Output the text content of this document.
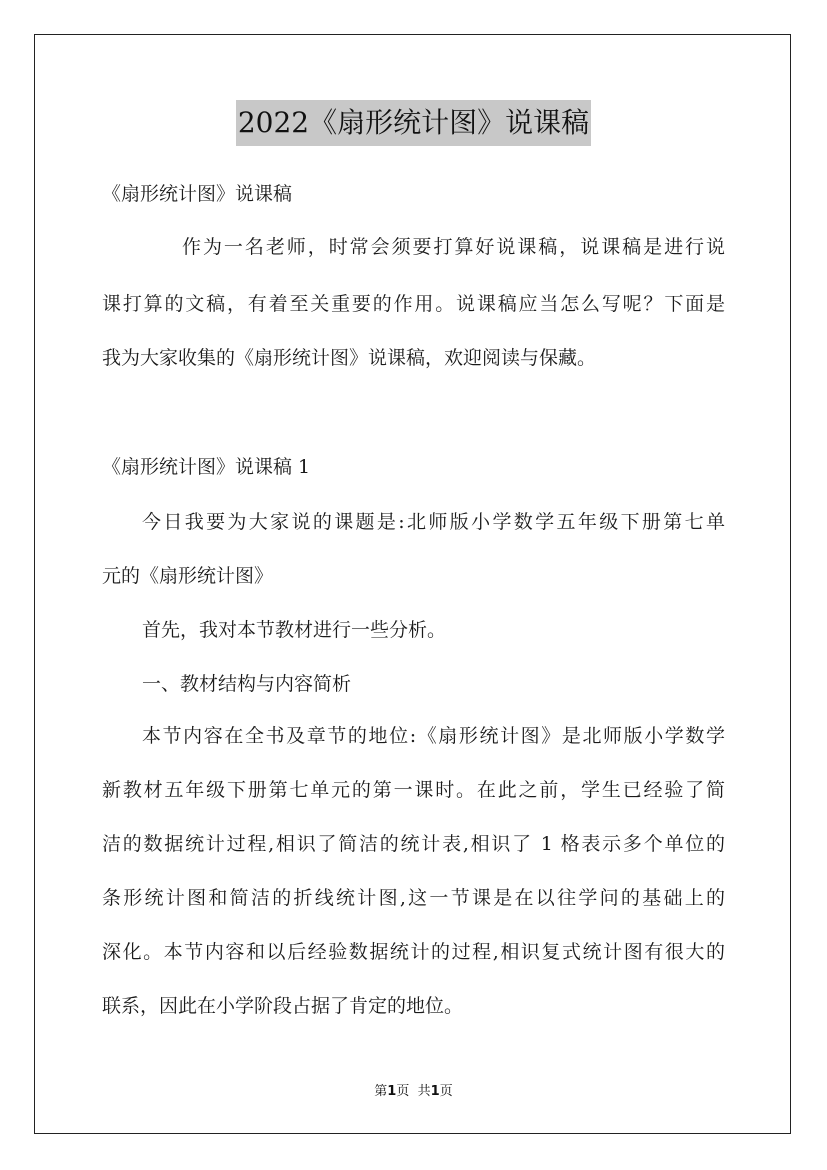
2022《扇形统计图》说课稿
《扇形统计图》说课稿
作为一名老师，时常会须要打算好说课稿，说课稿是进行说
课打算的文稿，有着至关重要的作用。说课稿应当怎么写呢？下面是
我为大家收集的《扇形统计图》说课稿，欢迎阅读与保藏。
《扇形统计图》说课稿 1
今日我要为大家说的课题是:北师版小学数学五年级下册第七单
元的《扇形统计图》
首先，我对本节教材进行一些分析。
一、教材结构与内容简析
本节内容在全书及章节的地位:《扇形统计图》是北师版小学数学
新教材五年级下册第七单元的第一课时。在此之前，学生已经验了简
洁的数据统计过程,相识了简洁的统计表,相识了 1 格表示多个单位的
条形统计图和简洁的折线统计图,这一节课是在以往学问的基础上的
深化。本节内容和以后经验数据统计的过程,相识复式统计图有很大的
联系，因此在小学阶段占据了肯定的地位。
第1页 共1页
